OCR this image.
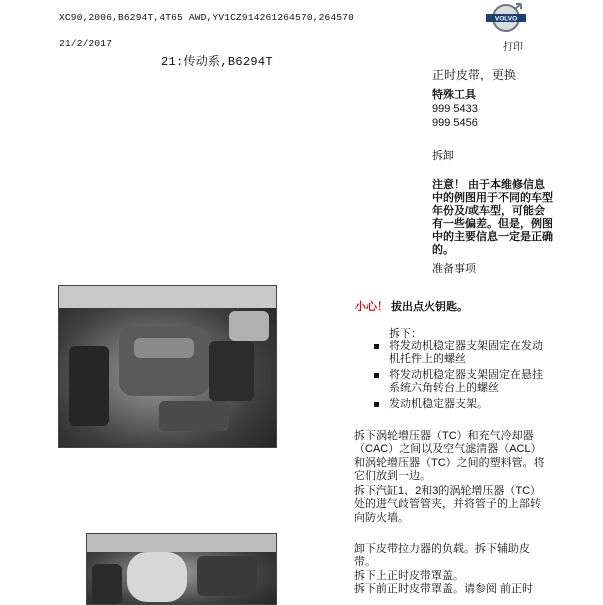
XC90,2006,B6294T,4T65 AWD,YV1CZ914261264570,264570
21/2/2017
21:传动系,B6294T
VOLVO
打印
正时皮带，更换
特殊工具
999 5433
999 5456
拆卸
注意！ 由于本维修信息
中的例图用于不同的车型
年份及/或车型，可能会
有一些偏差。但是，例图
中的主要信息一定是正确
的。
准备事项
小心！ 拔出点火钥匙。
拆下：
将发动机稳定器支架固定在发动
机托件上的螺丝
将发动机稳定器支架固定在悬挂
系统六角转台上的螺丝
发动机稳定器支架。
拆下涡轮增压器（TC）和充气冷却器
（CAC）之间以及空气滤清器（ACL）
和涡轮增压器（TC）之间的塑料管。将
它们放到一边。
拆下汽缸1、2和3的涡轮增压器（TC）
处的进气歧管管夹，并将管子的上部转
向防火墙。
卸下皮带拉力器的负载。拆下辅助皮
带。
拆下上正时皮带罩盖。
拆下前正时皮带罩盖。请参阅 前正时
